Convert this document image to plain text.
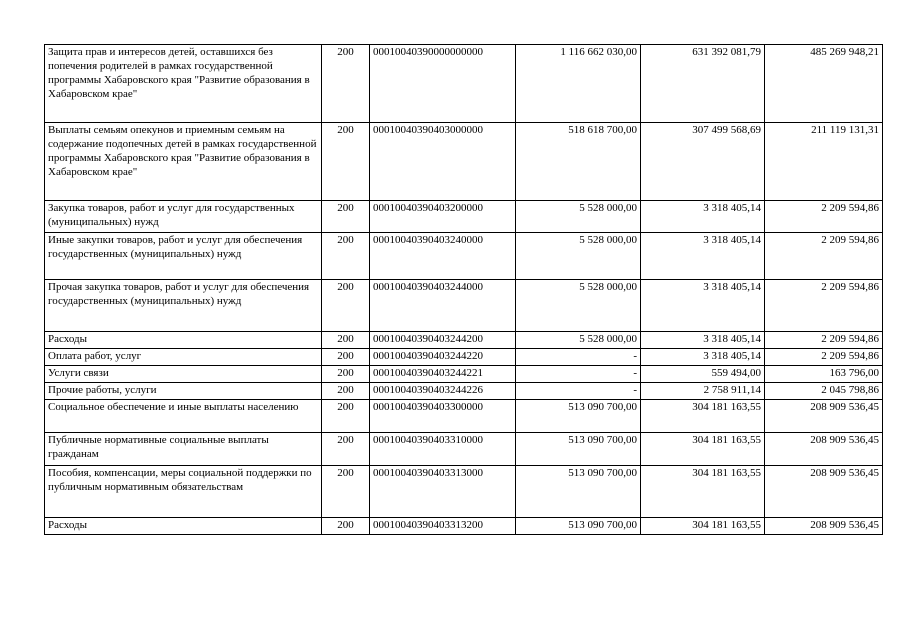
Защита прав и интересов детей, оставшихся без попечения родителей в рамках государственной программы Хабаровского края "Развитие образования в Хабаровском крае"	200	00010040390000000000	1 116 662 030,00	631 392 081,79	485 269 948,21
Выплаты семьям опекунов и приемным семьям на содержание подопечных детей в рамках государственной программы Хабаровского края "Развитие образования в Хабаровском крае"	200	00010040390403000000	518 618 700,00	307 499 568,69	211 119 131,31
Закупка товаров, работ и услуг для государственных (муниципальных) нужд	200	00010040390403200000	5 528 000,00	3 318 405,14	2 209 594,86
Иные закупки товаров, работ и услуг для обеспечения государственных (муниципальных) нужд	200	00010040390403240000	5 528 000,00	3 318 405,14	2 209 594,86
Прочая закупка товаров, работ и услуг для обеспечения государственных (муниципальных) нужд	200	00010040390403244000	5 528 000,00	3 318 405,14	2 209 594,86
Расходы	200	00010040390403244200	5 528 000,00	3 318 405,14	2 209 594,86
Оплата работ, услуг	200	00010040390403244220	-	3 318 405,14	2 209 594,86
Услуги связи	200	00010040390403244221	-	559 494,00	163 796,00
Прочие работы, услуги	200	00010040390403244226	-	2 758 911,14	2 045 798,86
Социальное обеспечение и иные выплаты населению	200	00010040390403300000	513 090 700,00	304 181 163,55	208 909 536,45
Публичные нормативные социальные выплаты гражданам	200	00010040390403310000	513 090 700,00	304 181 163,55	208 909 536,45
Пособия, компенсации, меры социальной поддержки по публичным нормативным обязательствам	200	00010040390403313000	513 090 700,00	304 181 163,55	208 909 536,45
Расходы	200	00010040390403313200	513 090 700,00	304 181 163,55	208 909 536,45
